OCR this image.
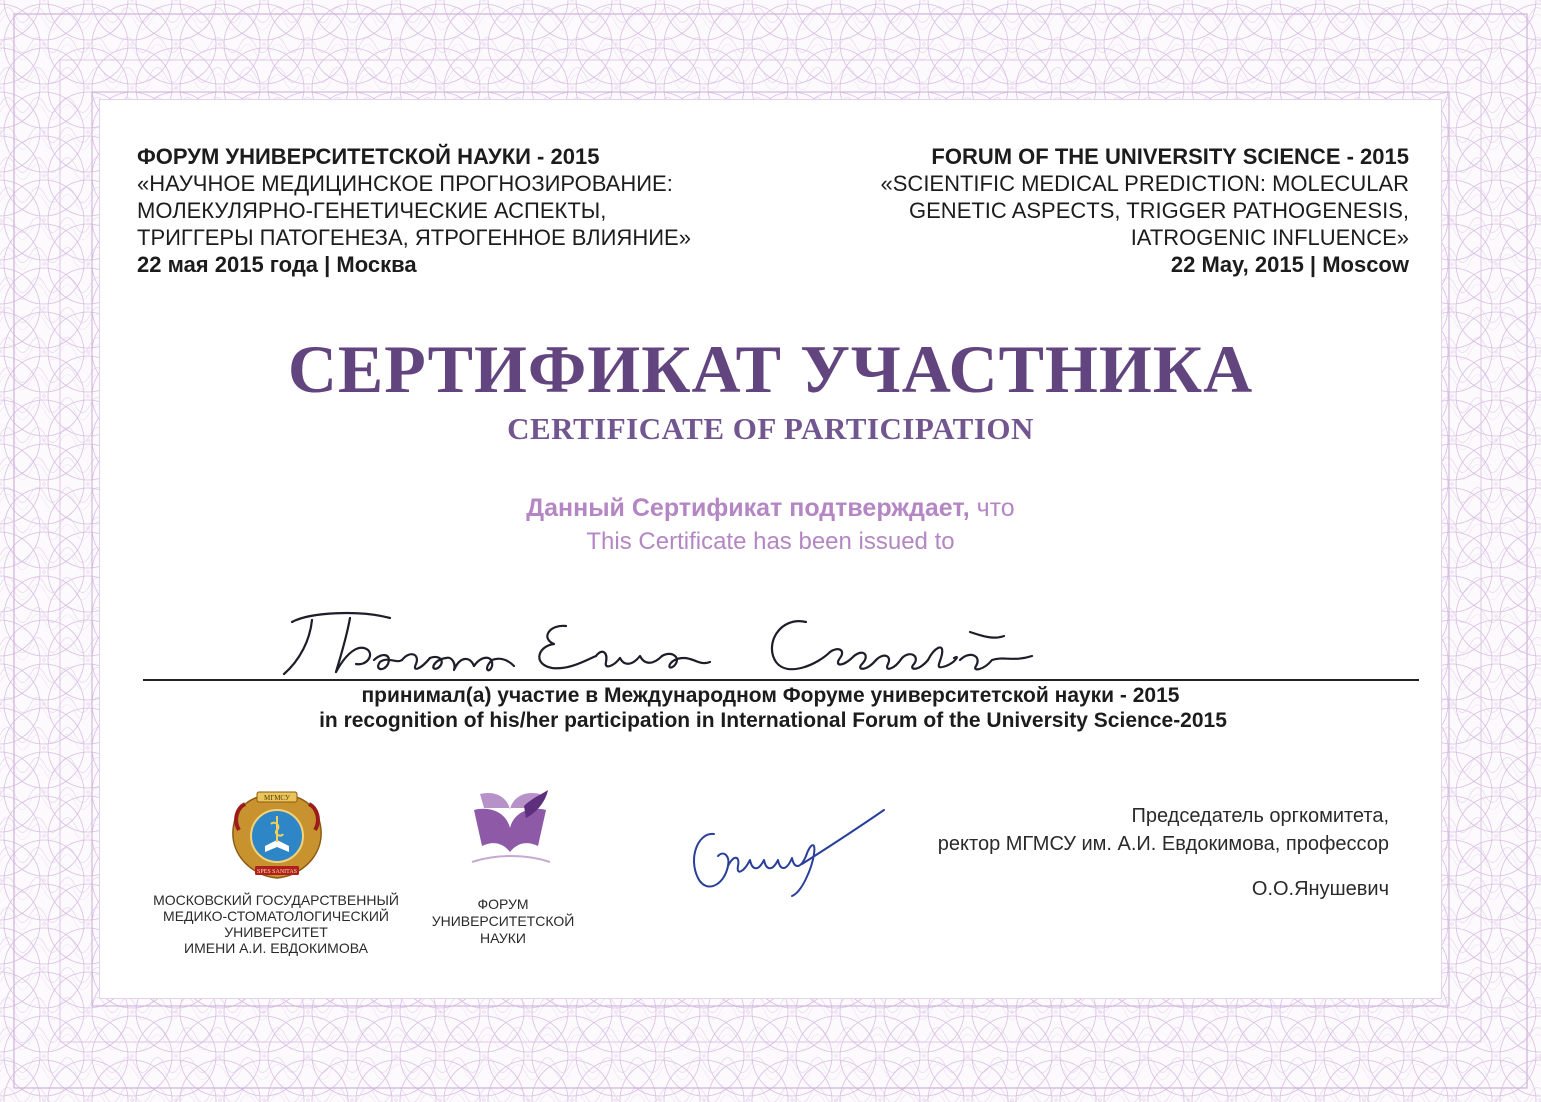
ФОРУМ УНИВЕРСИТЕТСКОЙ НАУКИ - 2015
«НАУЧНОЕ МЕДИЦИНСКОЕ ПРОГНОЗИРОВАНИЕ:
МОЛЕКУЛЯРНО-ГЕНЕТИЧЕСКИЕ АСПЕКТЫ,
ТРИГГЕРЫ ПАТОГЕНЕЗА, ЯТРОГЕННОЕ ВЛИЯНИЕ»
22 мая 2015 года | Москва
FORUM OF THE UNIVERSITY SCIENCE - 2015
«SCIENTIFIC MEDICAL PREDICTION: MOLECULAR
GENETIC ASPECTS, TRIGGER PATHOGENESIS,
IATROGENIC INFLUENCE»
22 May, 2015 | Moscow
СЕРТИФИКАТ УЧАСТНИКА
CERTIFICATE OF PARTICIPATION
Данный Сертификат подтверждает, что
This Certificate has been issued to
принимал(а) участие в Международном Форуме университетской науки - 2015
in recognition of his/her participation in International Forum of the University Science-2015
МГМСУ
SPES SANITAS
МОСКОВСКИЙ ГОСУДАРСТВЕННЫЙ
МЕДИКО-СТОМАТОЛОГИЧЕСКИЙ
УНИВЕРСИТЕТ
ИМЕНИ А.И. ЕВДОКИМОВА
ФОРУМ
УНИВЕРСИТЕТСКОЙ
НАУКИ
Председатель оргкомитета,
ректор МГМСУ им. А.И. Евдокимова, профессор
О.О.Янушевич
